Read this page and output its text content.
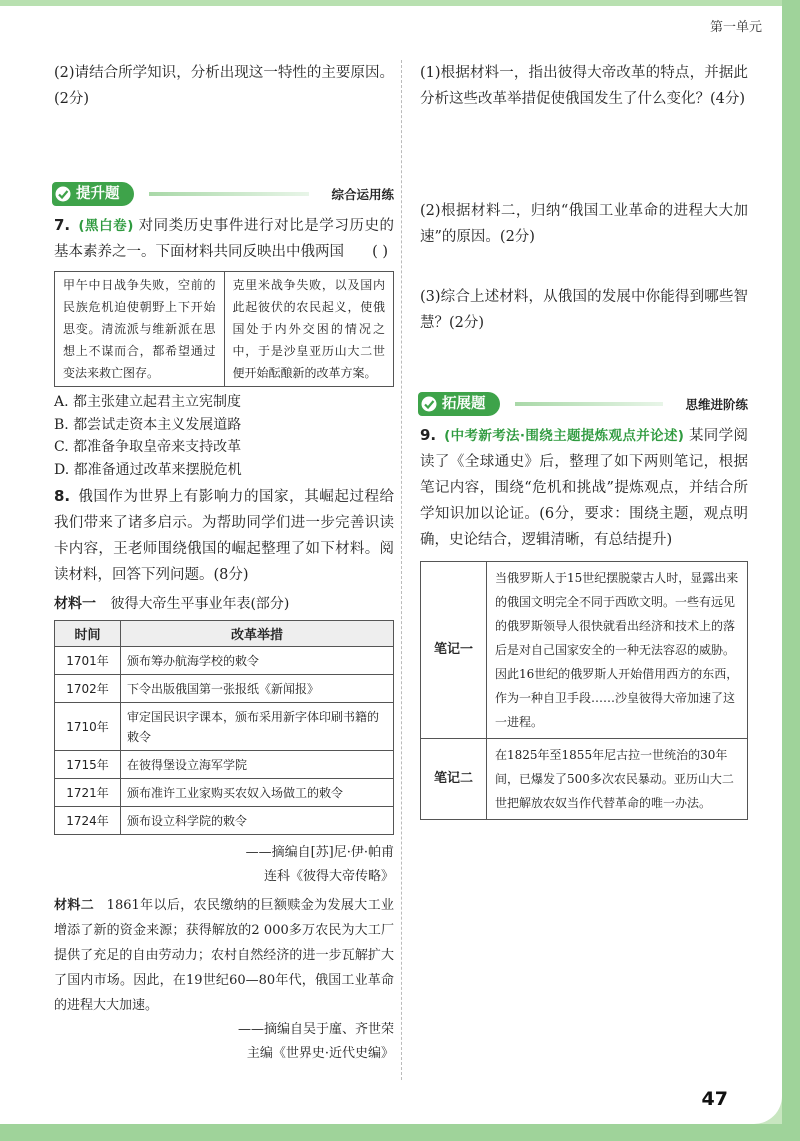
第一单元

(2)请结合所学知识，分析出现这一特性的主要原因。(2分)

提升题	综合运用练

7. (黑白卷) 对同类历史事件进行对比是学习历史的基本素养之一。下面材料共同反映出中俄两国 ( )

甲午中日战争失败，空前的民族危机迫使朝野上下开始思变。清流派与维新派在思想上不谋而合，都希望通过变法来救亡图存。	克里米战争失败，以及国内此起彼伏的农民起义，使俄国处于内外交困的情况之中，于是沙皇亚历山大二世便开始酝酿新的改革方案。
A. 都主张建立起君主立宪制度
B. 都尝试走资本主义发展道路
C. 都准备争取皇帝来支持改革
D. 都准备通过改革来摆脱危机

8. 俄国作为世界上有影响力的国家，其崛起过程给我们带来了诸多启示。为帮助同学们进一步完善识读卡内容，王老师围绕俄国的崛起整理了如下材料。阅读材料，回答下列问题。(8分)

材料一 彼得大帝生平事业年表(部分)
时间	改革举措
1701年	颁布筹办航海学校的敕令
1702年	下令出版俄国第一张报纸《新闻报》
1710年	审定国民识字课本，颁布采用新字体印刷书籍的敕令
1715年	在彼得堡设立海军学院
1721年	颁布准许工业家购买农奴入场做工的敕令
1724年	颁布设立科学院的敕令
——摘编自[苏]尼·伊·帕甫
连科《彼得大帝传略》

材料二 1861年以后，农民缴纳的巨额赎金为发展大工业增添了新的资金来源；获得解放的2 000多万农民为大工厂提供了充足的自由劳动力；农村自然经济的进一步瓦解扩大了国内市场。因此，在19世纪60—80年代，俄国工业革命的进程大大加速。

——摘编自吴于廑、齐世荣
主编《世界史·近代史编》

(1)根据材料一，指出彼得大帝改革的特点，并据此分析这些改革举措促使俄国发生了什么变化？(4分)

(2)根据材料二，归纳“俄国工业革命的进程大大加速”的原因。(2分)

(3)综合上述材料，从俄国的发展中你能得到哪些智慧？(2分)

拓展题	思维进阶练

9. (中考新考法·围绕主题提炼观点并论述) 某同学阅读了《全球通史》后，整理了如下两则笔记，根据笔记内容，围绕“危机和挑战”提炼观点，并结合所学知识加以论证。(6分，要求：围绕主题，观点明确，史论结合，逻辑清晰，有总结提升)

笔记一	当俄罗斯人于15世纪摆脱蒙古人时，显露出来的俄国文明完全不同于西欧文明。一些有远见的俄罗斯领导人很快就看出经济和技术上的落后是对自己国家安全的一种无法容忍的威胁。因此16世纪的俄罗斯人开始借用西方的东西，作为一种自卫手段……沙皇彼得大帝加速了这一进程。
笔记二	在1825年至1855年尼古拉一世统治的30年间，已爆发了500多次农民暴动。亚历山大二世把解放农奴当作代替革命的唯一办法。
47
